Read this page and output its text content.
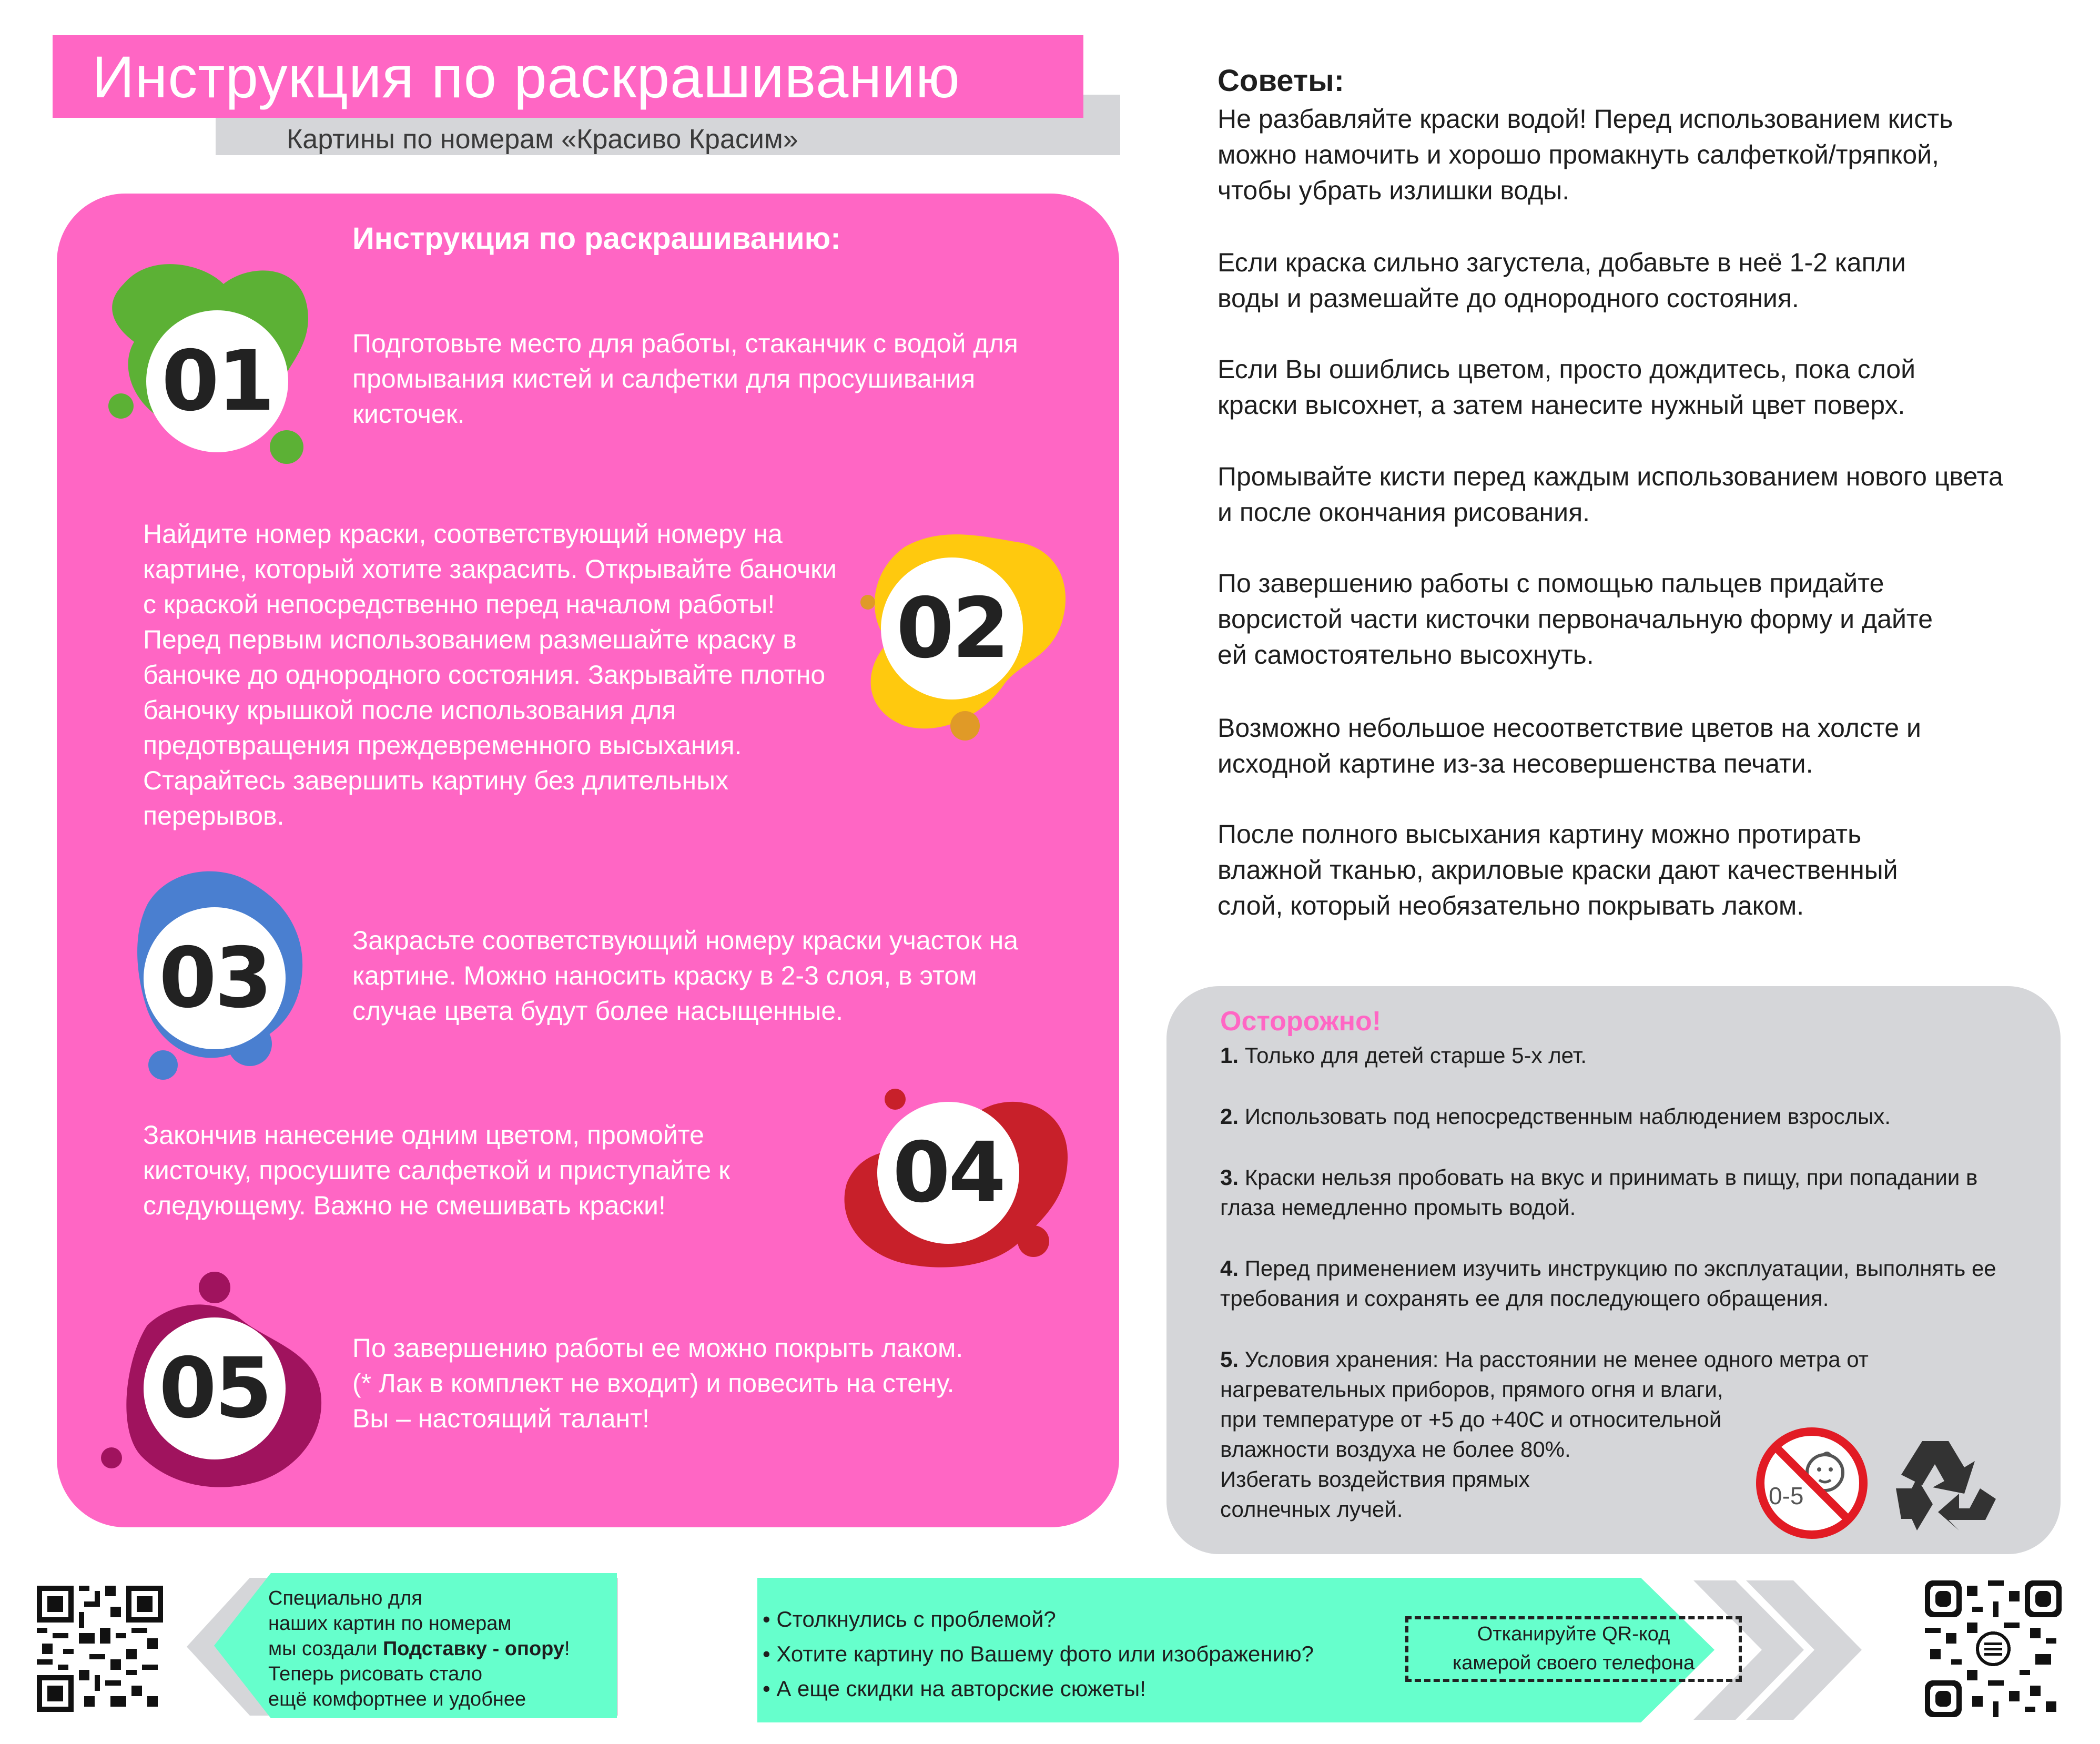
Инструкция по раскрашиванию
Картины по номерам «Красиво Красим»
Инструкция по раскрашиванию:
01	Подготовьте место для работы, стаканчик с водой для
промывания кистей и салфетки для просушивания
кисточек.
02
Найдите номер краски, соответствующий номеру на
картине, который хотите закрасить. Открывайте баночки
с краской непосредственно перед началом работы!
Перед первым использованием размешайте краску в
баночке до однородного состояния. Закрывайте плотно
баночку крышкой после использования для
предотвращения преждевременного высыхания.
Старайтесь завершить картину без длительных
перерывов.
03	Закрасьте соответствующий номеру краски участок на
картине. Можно наносить краску в 2-3 слоя, в этом
случае цвета будут более насыщенные.
04
Закончив нанесение одним цветом, промойте
кисточку, просушите салфеткой и приступайте к
следующему. Важно не смешивать краски!
05	По завершению работы ее можно покрыть лаком.
(* Лак в комплект не входит) и повесить на стену.
Вы – настоящий талант!
Советы:
Не разбавляйте краски водой! Перед использованием кисть
можно намочить и хорошо промакнуть салфеткой/тряпкой,
чтобы убрать излишки воды.
Если краска сильно загустела, добавьте в неё 1-2 капли
воды и размешайте до однородного состояния.
Если Вы ошиблись цветом, просто дождитесь, пока слой
краски высохнет, а затем нанесите нужный цвет поверх.
Промывайте кисти перед каждым использованием нового цвета
и после окончания рисования.
По завершению работы с помощью пальцев придайте
ворсистой части кисточки первоначальную форму и дайте
ей самостоятельно высохнуть.
Возможно небольшое несоответствие цветов на холсте и
исходной картине из-за несовершенства печати.
После полного высыхания картину можно протирать
влажной тканью, акриловые краски дают качественный
слой, который необязательно покрывать лаком.
Осторожно!
1. Только для детей старше 5-х лет.
2. Использовать под непосредственным наблюдением взрослых.
3. Краски нельзя пробовать на вкус и принимать в пищу, при попадании в
глаза немедленно промыть водой.
4. Перед применением изучить инструкцию по эксплуатации, выполнять ее
требования и сохранять ее для последующего обращения.
5. Условия хранения: На расстоянии не менее одного метра от
нагревательных приборов, прямого огня и влаги,
при температуре от +5 до +40С и относительной
влажности воздуха не более 80%.
Избегать воздействия прямых
солнечных лучей.	0-5
Специально для
наших картин по номерам
мы создали Подставку - опору!
Теперь рисовать стало
ещё комфортнее и удобнее
• Столкнулись с проблемой?
• Хотите картину по Вашему фото или изображению?
• А еще скидки на авторские сюжеты!
Отканируйте QR-код
камерой своего телефона
